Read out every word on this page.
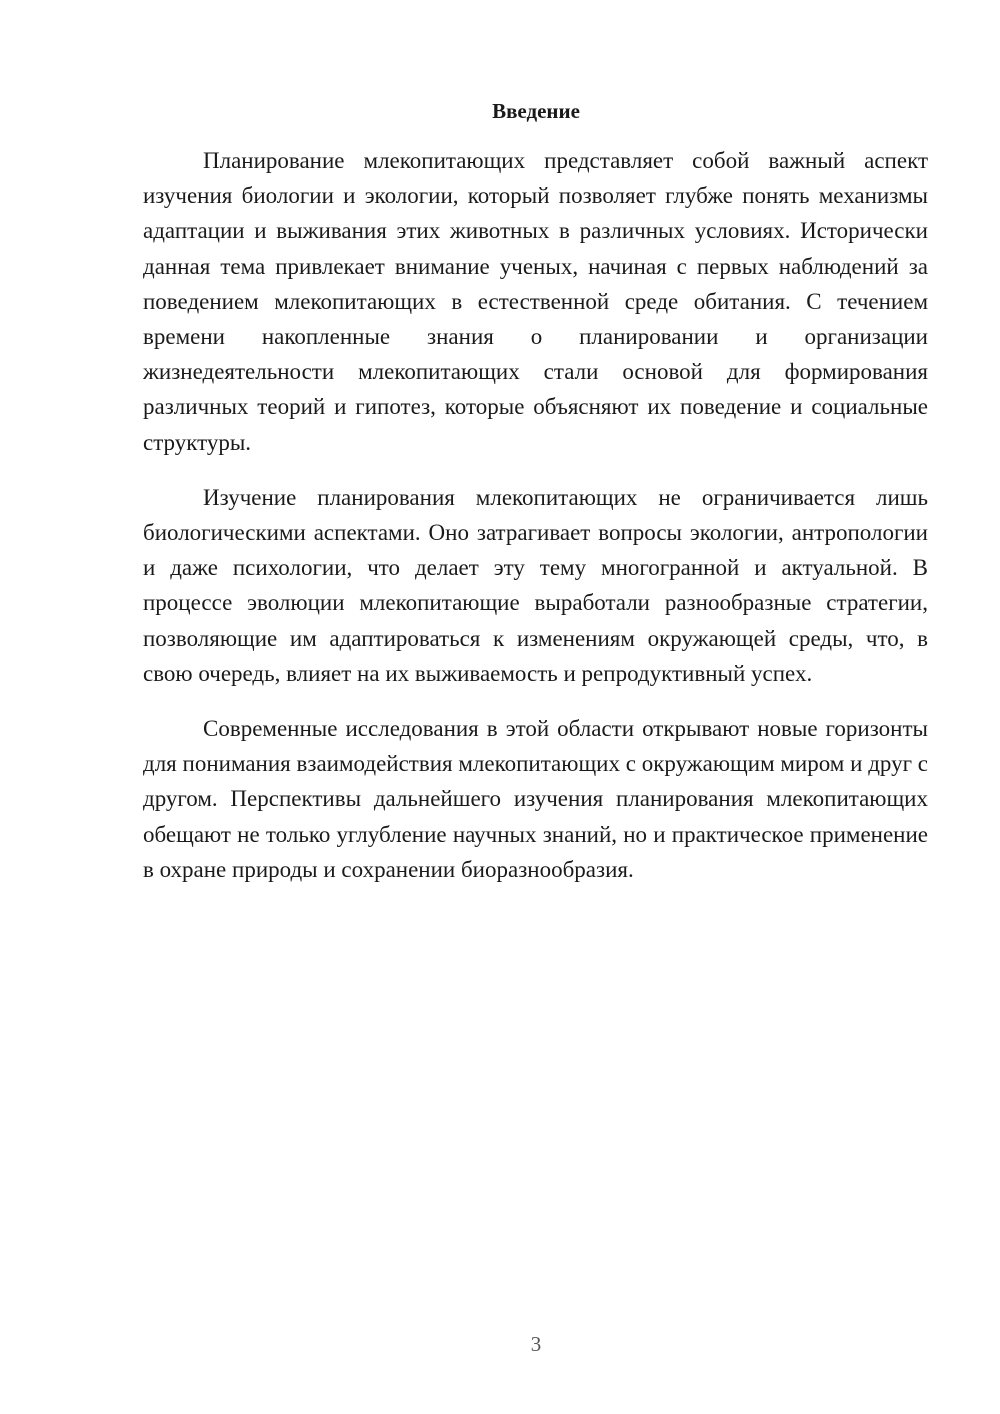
Введение

Планирование млекопитающих представляет собой важный аспект изучения биологии и экологии, который позволяет глубже понять механизмы адаптации и выживания этих животных в различных условиях. Исторически данная тема привлекает внимание ученых, начиная с первых наблюдений за поведением млекопитающих в естественной среде обитания. С течением времени накопленные знания о планировании и организации жизнедеятельности млекопитающих стали основой для формирования различных теорий и гипотез, которые объясняют их поведение и социальные структуры.

Изучение планирования млекопитающих не ограничивается лишь биологическими аспектами. Оно затрагивает вопросы экологии, антропологии и даже психологии, что делает эту тему многогранной и актуальной. В процессе эволюции млекопитающие выработали разнообразные стратегии, позволяющие им адаптироваться к изменениям окружающей среды, что, в свою очередь, влияет на их выживаемость и репродуктивный успех.

Современные исследования в этой области открывают новые горизонты для понимания взаимодействия млекопитающих с окружающим миром и друг с другом. Перспективы дальнейшего изучения планирования млекопитающих обещают не только углубление научных знаний, но и практическое применение в охране природы и сохранении биоразнообразия.

3
